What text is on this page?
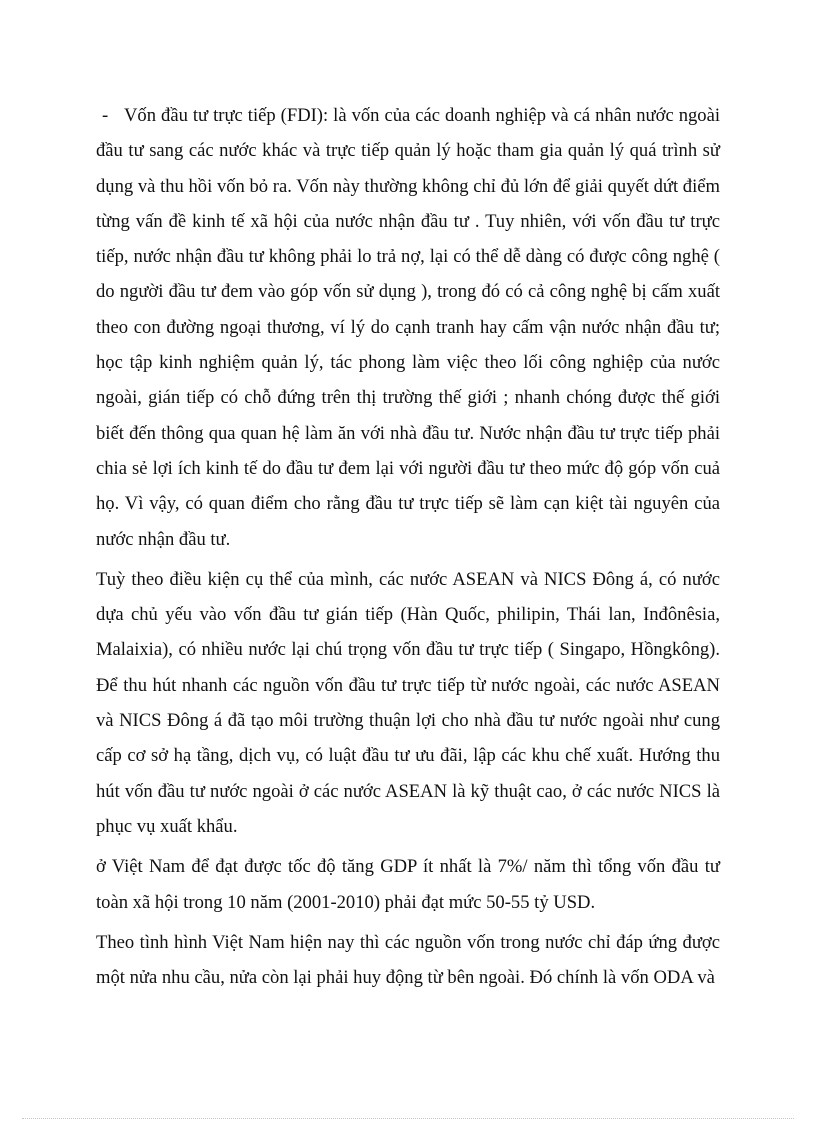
- Vốn đầu tư trực tiếp (FDI): là vốn của các doanh nghiệp và cá nhân nước ngoài đầu tư sang các nước khác và trực tiếp quản lý hoặc tham gia quản lý quá trình sử dụng và thu hồi vốn bỏ ra. Vốn này thường không chỉ đủ lớn để giải quyết dứt điểm từng vấn đề kinh tế xã hội của nước nhận đầu tư . Tuy nhiên, với vốn đầu tư trực tiếp, nước nhận đầu tư không phải lo trả nợ, lại có thể dễ dàng có được công nghệ ( do người đầu tư đem vào góp vốn sử dụng ), trong đó có cả công nghệ bị cấm xuất theo con đường ngoại thương, ví lý do cạnh tranh hay cấm vận nước nhận đầu tư; học tập kinh nghiệm quản lý, tác phong làm việc theo lối công nghiệp của nước ngoài, gián tiếp có chỗ đứng trên thị trường thế giới ; nhanh chóng được thế giới biết đến thông qua quan hệ làm ăn với nhà đầu tư. Nước nhận đầu tư trực tiếp phải chia sẻ lợi ích kinh tế do đầu tư đem lại với người đầu tư theo mức độ góp vốn cuả họ. Vì vậy, có quan điểm cho rằng đầu tư trực tiếp sẽ làm cạn kiệt tài nguyên của nước nhận đầu tư.

Tuỳ theo điều kiện cụ thể của mình, các nước ASEAN và NICS Đông á, có nước dựa chủ yếu vào vốn đầu tư gián tiếp (Hàn Quốc, philipin, Thái lan, Inđônêsia, Malaixia), có nhiều nước lại chú trọng vốn đầu tư trực tiếp ( Singapo, Hồngkông). Để thu hút nhanh các nguồn vốn đầu tư trực tiếp từ nước ngoài, các nước ASEAN và NICS Đông á đã tạo môi trường thuận lợi cho nhà đầu tư nước ngoài như cung cấp cơ sở hạ tầng, dịch vụ, có luật đầu tư ưu đãi, lập các khu chế xuất. Hướng thu hút vốn đầu tư nước ngoài ở các nước ASEAN là kỹ thuật cao, ở các nước NICS là phục vụ xuất khẩu.

ở Việt Nam để đạt được tốc độ tăng GDP ít nhất là 7%/ năm thì tổng vốn đầu tư toàn xã hội trong 10 năm (2001-2010) phải đạt mức 50-55 tỷ USD.

Theo tình hình Việt Nam hiện nay thì các nguồn vốn trong nước chỉ đáp ứng được một nửa nhu cầu, nửa còn lại phải huy động từ bên ngoài. Đó chính là vốn ODA và
